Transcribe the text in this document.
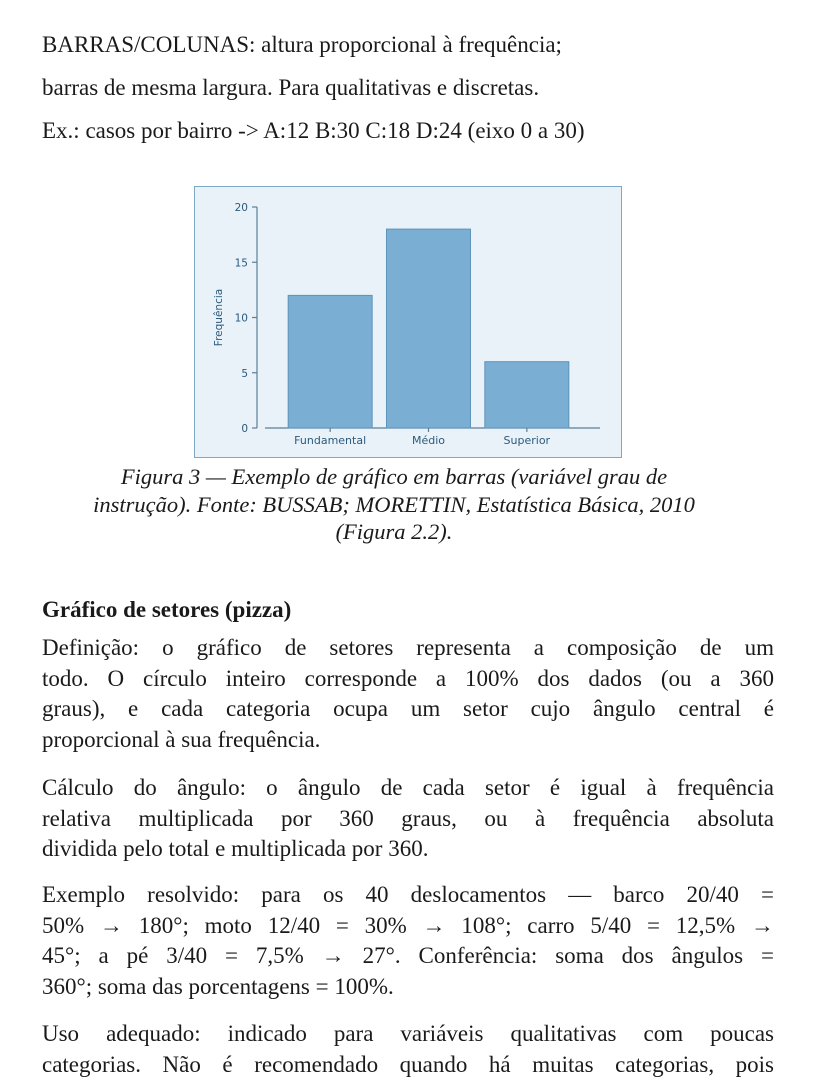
BARRAS/COLUNAS: altura proporcional à frequência;
barras de mesma largura. Para qualitativas e discretas.
Ex.: casos por bairro -> A:12 B:30 C:18 D:24 (eixo 0 a 30)
0
5
10
15
20
Frequência
Fundamental	Médio	Superior
Figura 3 — Exemplo de gráfico em barras (variável grau de
instrução). Fonte: BUSSAB; MORETTIN, Estatística Básica, 2010
(Figura 2.2).
Gráfico de setores (pizza)
Definição: o gráfico de setores representa a composição de um
todo. O círculo inteiro corresponde a 100% dos dados (ou a 360
graus), e cada categoria ocupa um setor cujo ângulo central é
proporcional à sua frequência.
Cálculo do ângulo: o ângulo de cada setor é igual à frequência
relativa multiplicada por 360 graus, ou à frequência absoluta
dividida pelo total e multiplicada por 360.
Exemplo resolvido: para os 40 deslocamentos — barco 20/40 =
50% → 180°; moto 12/40 = 30% → 108°; carro 5/40 = 12,5% →
45°; a pé 3/40 = 7,5% → 27°. Conferência: soma dos ângulos =
360°; soma das porcentagens = 100%.
Uso adequado: indicado para variáveis qualitativas com poucas
categorias. Não é recomendado quando há muitas categorias, pois
